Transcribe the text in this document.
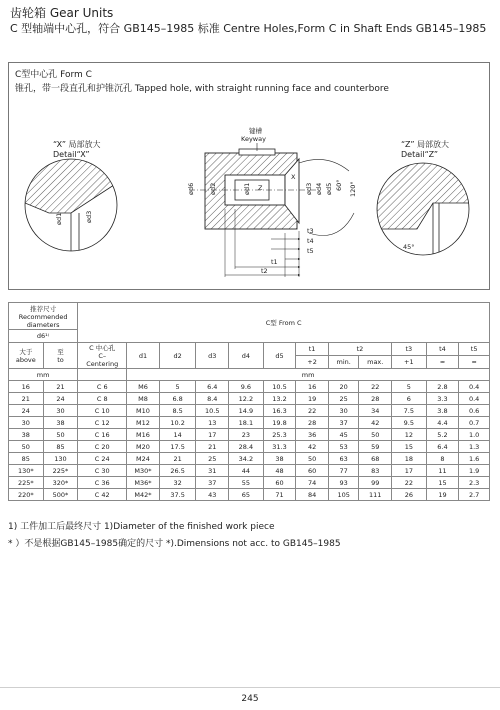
齿轮箱 Gear Units
C 型轴端中心孔，符合 GB145–1985 标准 Centre Holes,Form C in Shaft Ends GB145–1985
C型中心孔 Form C
锥孔，带一段直孔和护锥沉孔 Tapped hole, with straight running face and counterbore
“X” 局部放大
Detail“X”
ød1	ød3
键槽
Keyway
ød6 ød2	ød1 Z
X
ød3 ød4 ød5 60° 120°
t3
t4
t5
t1
t2
“Z” 局部放大
Detail“Z”
45°
推荐尺寸
Recommended
diameters		C型 From C											
d6¹⁾													
大于
above	至
to	C 中心孔
C–
Centering	d1	d2	d3	d4	d5	t1	t2		t3	t4	t5
								+2	min.	max.	+1	≈	≈
mm			mm										
16	21	C 6	M6	5	6.4	9.6	10.5	16	20	22	5	2.8	0.4
21	24	C 8	M8	6.8	8.4	12.2	13.2	19	25	28	6	3.3	0.4
24	30	C 10	M10	8.5	10.5	14.9	16.3	22	30	34	7.5	3.8	0.6
30	38	C 12	M12	10.2	13	18.1	19.8	28	37	42	9.5	4.4	0.7
38	50	C 16	M16	14	17	23	25.3	36	45	50	12	5.2	1.0
50	85	C 20	M20	17.5	21	28.4	31.3	42	53	59	15	6.4	1.3
85	130	C 24	M24	21	25	34.2	38	50	63	68	18	8	1.6
130*	225*	C 30	M30*	26.5	31	44	48	60	77	83	17	11	1.9
225*	320*	C 36	M36*	32	37	55	60	74	93	99	22	15	2.3
220*	500*	C 42	M42*	37.5	43	65	71	84	105	111	26	19	2.7
1) 工件加工后最终尺寸 1)Diameter of the finished work piece
* ）不是根据GB145–1985确定的尺寸 *).Dimensions not acc. to GB145–1985
245
